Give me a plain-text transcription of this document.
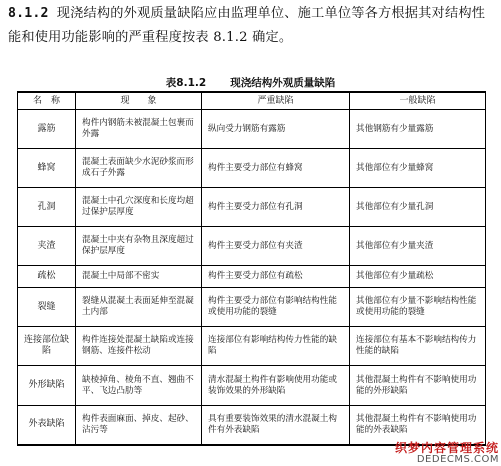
8.1.2 现浇结构的外观质量缺陷应由监理单位、施工单位等各方根据其对结构性能和使用功能影响的严重程度按表 8.1.2 确定。
表8.1.2 现浇结构外观质量缺陷
名　称	现　　象	严重缺陷	一般缺陷
露筋	构件内钢筋未被混凝土包裹而外露	纵向受力钢筋有露筋	其他钢筋有少量露筋
蜂窝	混凝土表面缺少水泥砂浆而形成石子外露	构件主要受力部位有蜂窝	其他部位有少量蜂窝
孔洞	混凝土中孔穴深度和长度均超过保护层厚度	构件主要受力部位有孔洞	其他部位有少量孔洞
夹渣	混凝土中夹有杂物且深度超过保护层厚度	构件主要受力部位有夹渣	其他部位有少量夹渣
疏松	混凝土中局部不密实	构件主要受力部位有疏松	其他部位有少量疏松
裂缝	裂缝从混凝土表面延伸至混凝土内部	构件主要受力部位有影响结构性能或使用功能的裂缝	其他部位有少量不影响结构性能或使用功能的裂缝
连接部位缺陷	构件连接处混凝土缺陷或连接钢筋、连接件松动	连接部位有影响结构传力性能的缺陷	连接部位有基本不影响结构传力性能的缺陷
外形缺陷	缺棱掉角、棱角不直、翘曲不平、飞边凸肋等	清水混凝土构件有影响使用功能或装饰效果的外形缺陷	其他混凝土构件有不影响使用功能的外形缺陷
外表缺陷	构件表面麻面、掉皮、起砂、沾污等	具有重要装饰效果的清水混凝土构件有外表缺陷	其他混凝土构件有不影响使用功能的外表缺陷
织梦内容管理系统
DEDECMS.COM
